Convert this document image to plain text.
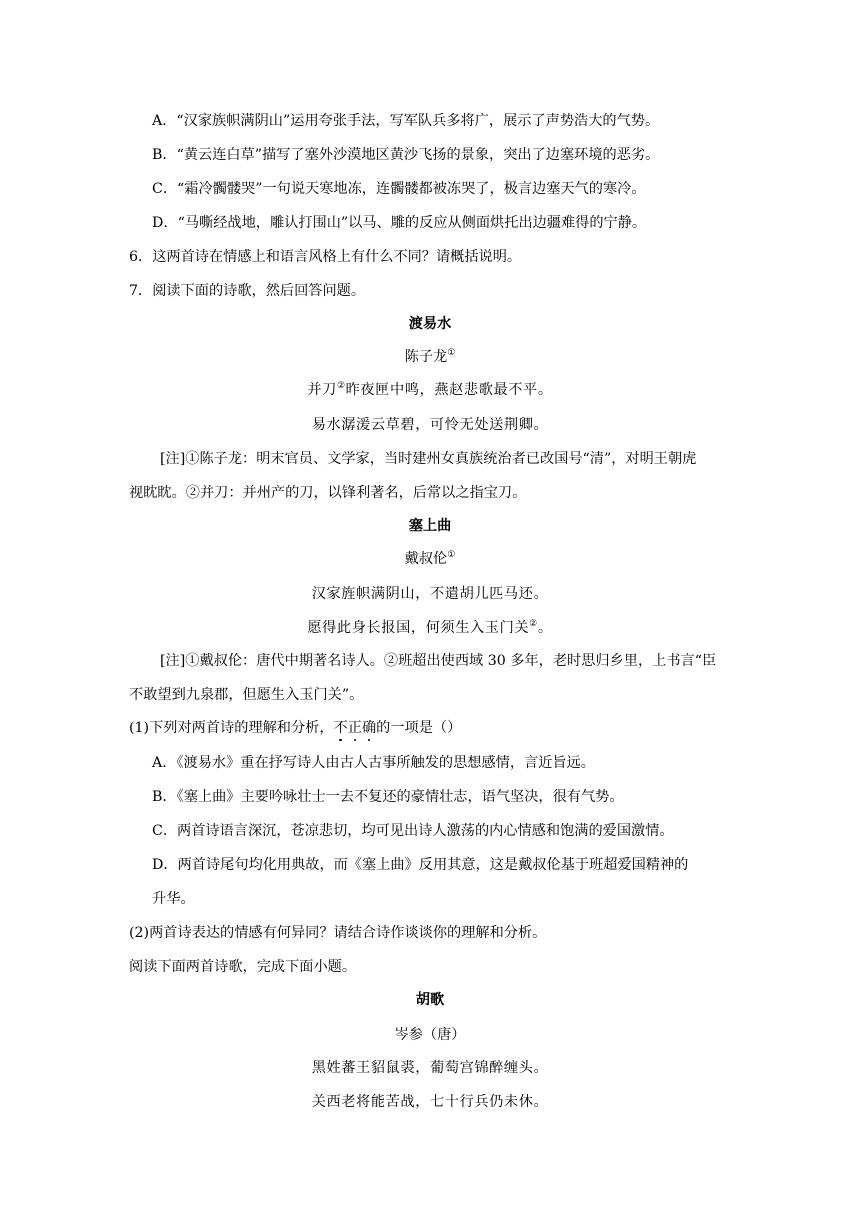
A．“汉家族帜满阴山”运用夸张手法，写军队兵多将广，展示了声势浩大的气势。
B．“黄云连白草”描写了塞外沙漠地区黄沙飞扬的景象，突出了边塞环境的恶劣。
C．“霜冷髑髅哭”一句说天寒地冻，连髑髅都被冻哭了，极言边塞天气的寒冷。
D．“马嘶经战地，雕认打围山”以马、雕的反应从侧面烘托出边疆难得的宁静。
6．这两首诗在情感上和语言风格上有什么不同？请概括说明。
7．阅读下面的诗歌，然后回答问题。
渡易水
陈子龙①
并刀②昨夜匣中鸣，燕赵悲歌最不平。
易水潺湲云草碧，可怜无处送荆卿。
[注]①陈子龙：明末官员、文学家，当时建州女真族统治者已改国号“清”，对明王朝虎
视眈眈。②并刀：并州产的刀，以锋利著名，后常以之指宝刀。
塞上曲
戴叔伦①
汉家旌帜满阴山，不遣胡儿匹马还。
愿得此身长报国，何须生入玉门关②。
[注]①戴叔伦：唐代中期著名诗人。②班超出使西域 30 多年，老时思归乡里，上书言“臣
不敢望到九泉郡，但愿生入玉门关”。
(1)下列对两首诗的理解和分析，不正确的一项是（）
A．《渡易水》重在抒写诗人由古人古事所触发的思想感情，言近旨远。
B．《塞上曲》主要吟咏壮士一去不复还的豪情壮志，语气坚决，很有气势。
C．两首诗语言深沉，苍凉悲切，均可见出诗人激荡的内心情感和饱满的爱国激情。
D．两首诗尾句均化用典故，而《塞上曲》反用其意，这是戴叔伦基于班超爱国精神的
升华。
(2)两首诗表达的情感有何异同？请结合诗作谈谈你的理解和分析。
阅读下面两首诗歌，完成下面小题。
胡歌
岑参（唐）
黑姓蕃王貂鼠裘，葡萄宫锦醉缠头。
关西老将能苦战，七十行兵仍未休。
